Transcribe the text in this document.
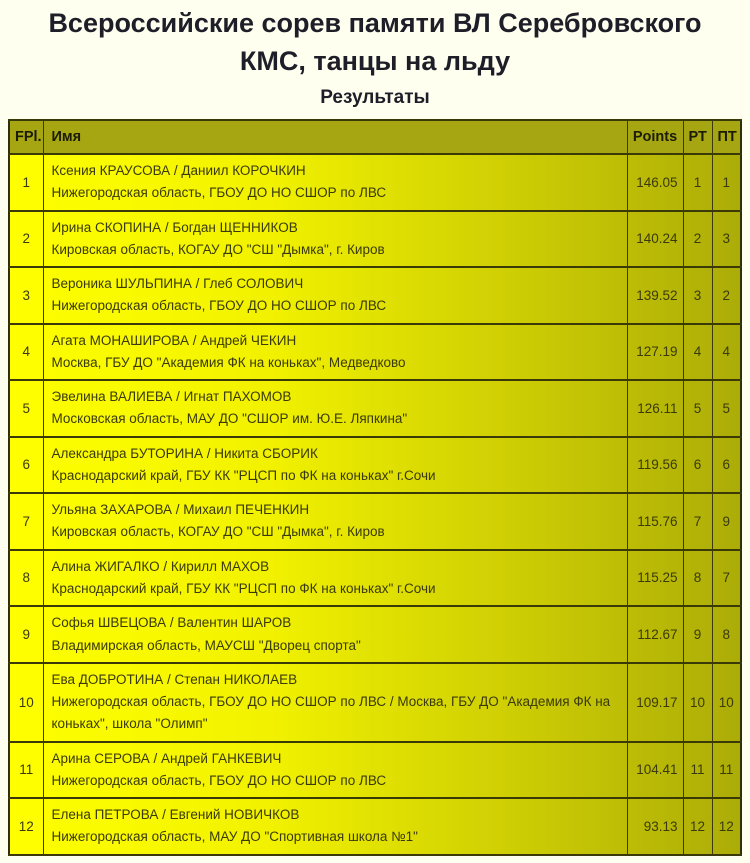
Всероссийские сорев памяти ВЛ Серебровского
КМС, танцы на льду
Результаты
FPl.	Имя	Points	РТ	ПТ
1	Ксения КРАУСОВА / Даниил КОРОЧКИН
Нижегородская область, ГБОУ ДО НО СШОР по ЛВС	146.05	1	1
2	Ирина СКОПИНА / Богдан ЩЕННИКОВ
Кировская область, КОГАУ ДО "СШ "Дымка", г. Киров	140.24	2	3
3	Вероника ШУЛЬПИНА / Глеб СОЛОВИЧ
Нижегородская область, ГБОУ ДО НО СШОР по ЛВС	139.52	3	2
4	Агата МОНАШИРОВА / Андрей ЧЕКИН
Москва, ГБУ ДО "Академия ФК на коньках", Медведково	127.19	4	4
5	Эвелина ВАЛИЕВА / Игнат ПАХОМОВ
Московская область, МАУ ДО "СШОР им. Ю.Е. Ляпкина"	126.11	5	5
6	Александра БУТОРИНА / Никита СБОРИК
Краснодарский край, ГБУ КК "РЦСП по ФК на коньках" г.Сочи	119.56	6	6
7	Ульяна ЗАХАРОВА / Михаил ПЕЧЕНКИН
Кировская область, КОГАУ ДО "СШ "Дымка", г. Киров	115.76	7	9
8	Алина ЖИГАЛКО / Кирилл МАХОВ
Краснодарский край, ГБУ КК "РЦСП по ФК на коньках" г.Сочи	115.25	8	7
9	Софья ШВЕЦОВА / Валентин ШАРОВ
Владимирская область, МАУСШ "Дворец спорта"	112.67	9	8
10	Ева ДОБРОТИНА / Степан НИКОЛАЕВ
Нижегородская область, ГБОУ ДО НО СШОР по ЛВС / Москва, ГБУ ДО "Академия ФК на коньках", школа "Олимп"	109.17	10	10
11	Арина СЕРОВА / Андрей ГАНКЕВИЧ
Нижегородская область, ГБОУ ДО НО СШОР по ЛВС	104.41	11	11
12	Елена ПЕТРОВА / Евгений НОВИЧКОВ
Нижегородская область, МАУ ДО "Спортивная школа №1"	93.13	12	12
